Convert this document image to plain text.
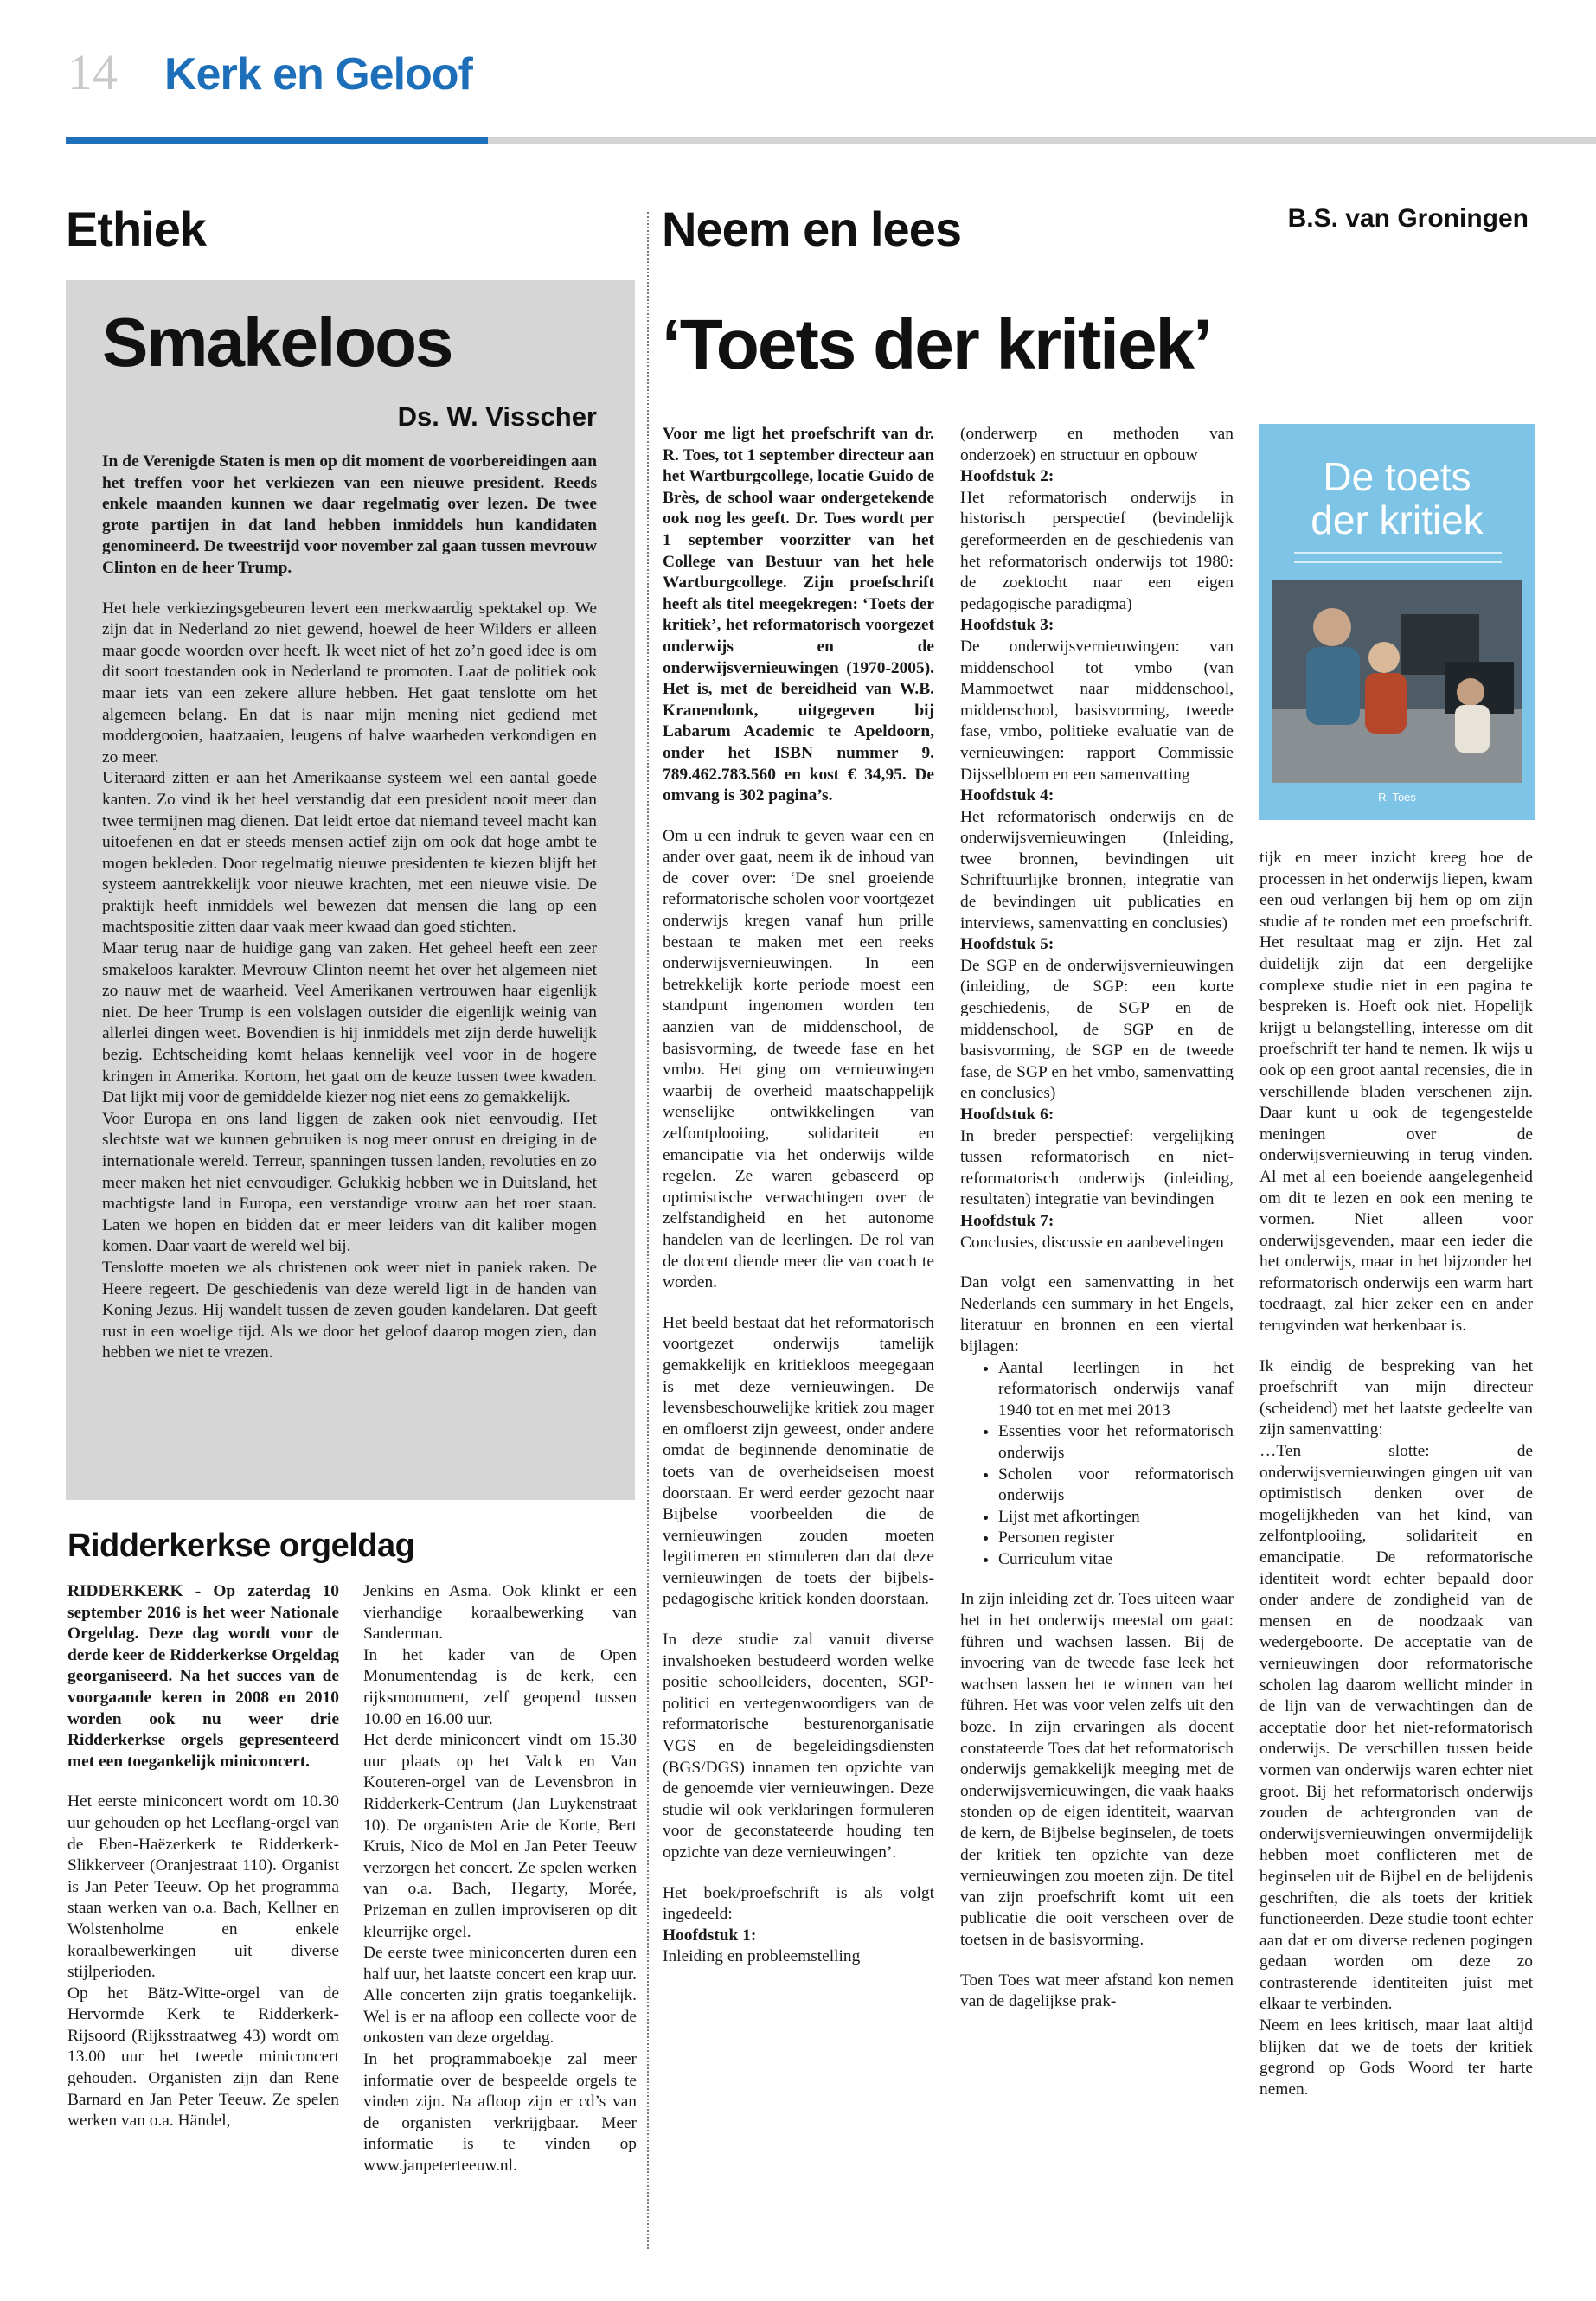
14 Kerk en Geloof
Ethiek
Smakeloos
Ds. W. Visscher

In de Verenigde Staten is men op dit moment de voorbereidingen aan het treffen voor het verkiezen van een nieuwe president. Reeds enkele maanden kunnen we daar regelmatig over lezen. De twee grote partijen in dat land hebben inmiddels hun kandidaten genomineerd. De tweestrijd voor november zal gaan tussen mevrouw Clinton en de heer Trump.

Het hele verkiezingsgebeuren levert een merkwaardig spektakel op. We zijn dat in Nederland zo niet gewend, hoewel de heer Wilders er alleen maar goede woorden over heeft. Ik weet niet of het zo’n goed idee is om dit soort toestanden ook in Nederland te promoten. Laat de politiek ook maar iets van een zekere allure hebben. Het gaat tenslotte om het algemeen belang. En dat is naar mijn mening niet gediend met moddergooien, haatzaaien, leugens of halve waarheden verkondigen en zo meer.

Uiteraard zitten er aan het Amerikaanse systeem wel een aantal goede kanten. Zo vind ik het heel verstandig dat een president nooit meer dan twee termijnen mag dienen. Dat leidt ertoe dat niemand teveel macht kan uitoefenen en dat er steeds mensen actief zijn om ook dat hoge ambt te mogen bekleden. Door regelmatig nieuwe presidenten te kiezen blijft het systeem aantrekkelijk voor nieuwe krachten, met een nieuwe visie. De praktijk heeft inmiddels wel bewezen dat mensen die lang op een machtspositie zitten daar vaak meer kwaad dan goed stichten.

Maar terug naar de huidige gang van zaken. Het geheel heeft een zeer smakeloos karakter. Mevrouw Clinton neemt het over het algemeen niet zo nauw met de waarheid. Veel Amerikanen vertrouwen haar eigenlijk niet. De heer Trump is een volslagen outsider die eigenlijk weinig van allerlei dingen weet. Bovendien is hij inmiddels met zijn derde huwelijk bezig. Echtscheiding komt helaas kennelijk veel voor in de hogere kringen in Amerika. Kortom, het gaat om de keuze tussen twee kwaden. Dat lijkt mij voor de gemiddelde kiezer nog niet eens zo gemakkelijk.

Voor Europa en ons land liggen de zaken ook niet eenvoudig. Het slechtste wat we kunnen gebruiken is nog meer onrust en dreiging in de internationale wereld. Terreur, spanningen tussen landen, revoluties en zo meer maken het niet eenvoudiger. Gelukkig hebben we in Duitsland, het machtigste land in Europa, een verstandige vrouw aan het roer staan. Laten we hopen en bidden dat er meer leiders van dit kaliber mogen komen. Daar vaart de wereld wel bij.

Tenslotte moeten we als christenen ook weer niet in paniek raken. De Heere regeert. De geschiedenis van deze wereld ligt in de handen van Koning Jezus. Hij wandelt tussen de zeven gouden kandelaren. Dat geeft rust in een woelige tijd. Als we door het geloof daarop mogen zien, dan hebben we niet te vrezen.

Ridderkerkse orgeldag

RIDDERKERK - Op zaterdag 10 september 2016 is het weer Nationale Orgeldag. Deze dag wordt voor de derde keer de Ridderkerkse Orgeldag georganiseerd. Na het succes van de voorgaande keren in 2008 en 2010 worden ook nu weer drie Ridderkerkse orgels gepresenteerd met een toegankelijk miniconcert.

Het eerste miniconcert wordt om 10.30 uur gehouden op het Leeflang-orgel van de Eben-Haëzerkerk te Ridderkerk-Slikkerveer (Oranjestraat 110). Organist is Jan Peter Teeuw. Op het programma staan werken van o.a. Bach, Kellner en Wolstenholme en enkele koraalbewerkingen uit diverse stijlperioden.

Op het Bätz-Witte-orgel van de Hervormde Kerk te Ridderkerk-Rijsoord (Rijksstraatweg 43) wordt om 13.00 uur het tweede miniconcert gehouden. Organisten zijn dan Rene Barnard en Jan Peter Teeuw. Ze spelen werken van o.a. Händel,

Jenkins en Asma. Ook klinkt er een vierhandige koraalbewerking van Sanderman.

In het kader van de Open Monumentendag is de kerk, een rijksmonument, zelf geopend tussen 10.00 en 16.00 uur.

Het derde miniconcert vindt om 15.30 uur plaats op het Valck en Van Kouteren-orgel van de Levensbron in Ridderkerk-Centrum (Jan Luykenstraat 10). De organisten Arie de Korte, Bert Kruis, Nico de Mol en Jan Peter Teeuw verzorgen het concert. Ze spelen werken van o.a. Bach, Hegarty, Morée, Prizeman en zullen improviseren op dit kleurrijke orgel.

De eerste twee miniconcerten duren een half uur, het laatste concert een krap uur. Alle concerten zijn gratis toegankelijk. Wel is er na afloop een collecte voor de onkosten van deze orgeldag.

In het programmaboekje zal meer informatie over de bespeelde orgels te vinden zijn. Na afloop zijn er cd’s van de organisten verkrijgbaar. Meer informatie is te vinden op www.janpeterteeuw.nl.

Neem en lees	B.S. van Groningen
‘Toets der kritiek’

Voor me ligt het proefschrift van dr. R. Toes, tot 1 september directeur aan het Wartburgcollege, locatie Guido de Brès, de school waar ondergetekende ook nog les geeft. Dr. Toes wordt per 1 september voorzitter van het College van Bestuur van het hele Wartburgcollege. Zijn proefschrift heeft als titel meegekregen: ‘Toets der kritiek’, het reformatorisch voorgezet onderwijs en de onderwijsvernieuwingen (1970-2005). Het is, met de bereidheid van W.B. Kranendonk, uitgegeven bij Labarum Academic te Apeldoorn, onder het ISBN nummer 9. 789.462.783.560 en kost € 34,95. De omvang is 302 pagina’s.

Om u een indruk te geven waar een en ander over gaat, neem ik de inhoud van de cover over: ‘De snel groeiende reformatorische scholen voor voortgezet onderwijs kregen vanaf hun prille bestaan te maken met een reeks onderwijsvernieuwingen. In een betrekkelijk korte periode moest een standpunt ingenomen worden ten aanzien van de middenschool, de basisvorming, de tweede fase en het vmbo. Het ging om vernieuwingen waarbij de overheid maatschappelijk wenselijke ontwikkelingen van zelfontplooiing, solidariteit en emancipatie via het onderwijs wilde regelen. Ze waren gebaseerd op optimistische verwachtingen over de zelfstandigheid en het autonome handelen van de leerlingen. De rol van de docent diende meer die van coach te worden.

Het beeld bestaat dat het reformatorisch voortgezet onderwijs tamelijk gemakkelijk en kritiekloos meegegaan is met deze vernieuwingen. De levensbeschouwelijke kritiek zou mager en omfloerst zijn geweest, onder andere omdat de beginnende denominatie de toets van de overheidseisen moest doorstaan. Er werd eerder gezocht naar Bijbelse voorbeelden die de vernieuwingen zouden moeten legitimeren en stimuleren dan dat deze vernieuwingen de toets der bijbels-pedagogische kritiek konden doorstaan.

In deze studie zal vanuit diverse invalshoeken bestudeerd worden welke positie schoolleiders, docenten, SGP-politici en vertegenwoordigers van de reformatorische besturenorganisatie VGS en de begeleidingsdiensten (BGS/DGS) innamen ten opzichte van de genoemde vier vernieuwingen. Deze studie wil ook verklaringen formuleren voor de geconstateerde houding ten opzichte van deze vernieuwingen’.

Het boek/proefschrift is als volgt ingedeeld:

Hoofdstuk 1:

Inleiding en probleemstelling

(onderwerp en methoden van onderzoek) en structuur en opbouw

Hoofdstuk 2:

Het reformatorisch onderwijs in historisch perspectief (bevindelijk gereformeerden en de geschiedenis van het reformatorisch onderwijs tot 1980: de zoektocht naar een eigen pedagogische paradigma)

Hoofdstuk 3:

De onderwijsvernieuwingen: van middenschool tot vmbo (van Mammoetwet naar middenschool, middenschool, basisvorming, tweede fase, vmbo, politieke evaluatie van de vernieuwingen: rapport Commissie Dijsselbloem en een samenvatting

Hoofdstuk 4:

Het reformatorisch onderwijs en de onderwijsvernieuwingen (Inleiding, twee bronnen, bevindingen uit Schriftuurlijke bronnen, integratie van de bevindingen uit publicaties en interviews, samenvatting en conclusies)

Hoofdstuk 5:

De SGP en de onderwijsvernieuwingen (inleiding, de SGP: een korte geschiedenis, de SGP en de middenschool, de SGP en de basisvorming, de SGP en de tweede fase, de SGP en het vmbo, samenvatting en conclusies)

Hoofdstuk 6:

In breder perspectief: vergelijking tussen reformatorisch en niet-reformatorisch onderwijs (inleiding, resultaten) integratie van bevindingen

Hoofdstuk 7:

Conclusies, discussie en aanbevelingen

Dan volgt een samenvatting in het Nederlands een summary in het Engels, literatuur en bronnen en een viertal bijlagen:

• Aantal leerlingen in het reformatorisch onderwijs vanaf 1940 tot en met mei 2013
• Essenties voor het reformatorisch onderwijs
• Scholen voor reformatorisch onderwijs
• Lijst met afkortingen
• Personen register
• Curriculum vitae

In zijn inleiding zet dr. Toes uiteen waar het in het onderwijs meestal om gaat: führen und wachsen lassen. Bij de invoering van de tweede fase leek het wachsen lassen het te winnen van het führen. Het was voor velen zelfs uit den boze. In zijn ervaringen als docent constateerde Toes dat het reformatorisch onderwijs gemakkelijk meeging met de onderwijsvernieuwingen, die vaak haaks stonden op de eigen identiteit, waarvan de kern, de Bijbelse beginselen, de toets der kritiek ten opzichte van deze vernieuwingen zou moeten zijn. De titel van zijn proefschrift komt uit een publicatie die ooit verscheen over de toetsen in de basisvorming.

Toen Toes wat meer afstand kon nemen van de dagelijkse prak-

De toets
der kritiek
R. Toes

tijk en meer inzicht kreeg hoe de processen in het onderwijs liepen, kwam een oud verlangen bij hem op om zijn studie af te ronden met een proefschrift. Het resultaat mag er zijn. Het zal duidelijk zijn dat een dergelijke complexe studie niet in een pagina te bespreken is. Hoeft ook niet. Hopelijk krijgt u belangstelling, interesse om dit proefschrift ter hand te nemen. Ik wijs u ook op een groot aantal recensies, die in verschillende bladen verschenen zijn. Daar kunt u ook de tegengestelde meningen over de onderwijsvernieuwing in terug vinden. Al met al een boeiende aangelegenheid om dit te lezen en ook een mening te vormen. Niet alleen voor onderwijsgevenden, maar een ieder die het onderwijs, maar in het bijzonder het reformatorisch onderwijs een warm hart toedraagt, zal hier zeker een en ander terugvinden wat herkenbaar is.

Ik eindig de bespreking van het proefschrift van mijn directeur (scheidend) met het laatste gedeelte van zijn samenvatting:

…Ten slotte: de onderwijsvernieuwingen gingen uit van optimistisch denken over de mogelijkheden van het kind, van zelfontplooiing, solidariteit en emancipatie. De reformatorische identiteit wordt echter bepaald door onder andere de zondigheid van de mensen en de noodzaak van wedergeboorte. De acceptatie van de vernieuwingen door reformatorische scholen lag daarom wellicht minder in de lijn van de verwachtingen dan de acceptatie door het niet-reformatorisch onderwijs. De verschillen tussen beide vormen van onderwijs waren echter niet groot. Bij het reformatorisch onderwijs zouden de achtergronden van de onderwijsvernieuwingen onvermijdelijk hebben moet conflicteren met de beginselen uit de Bijbel en de belijdenis geschriften, die als toets der kritiek functioneerden. Deze studie toont echter aan dat er om diverse redenen pogingen gedaan worden om deze zo contrasterende identiteiten juist met elkaar te verbinden.

Neem en lees kritisch, maar laat altijd blijken dat we de toets der kritiek gegrond op Gods Woord ter harte nemen.
